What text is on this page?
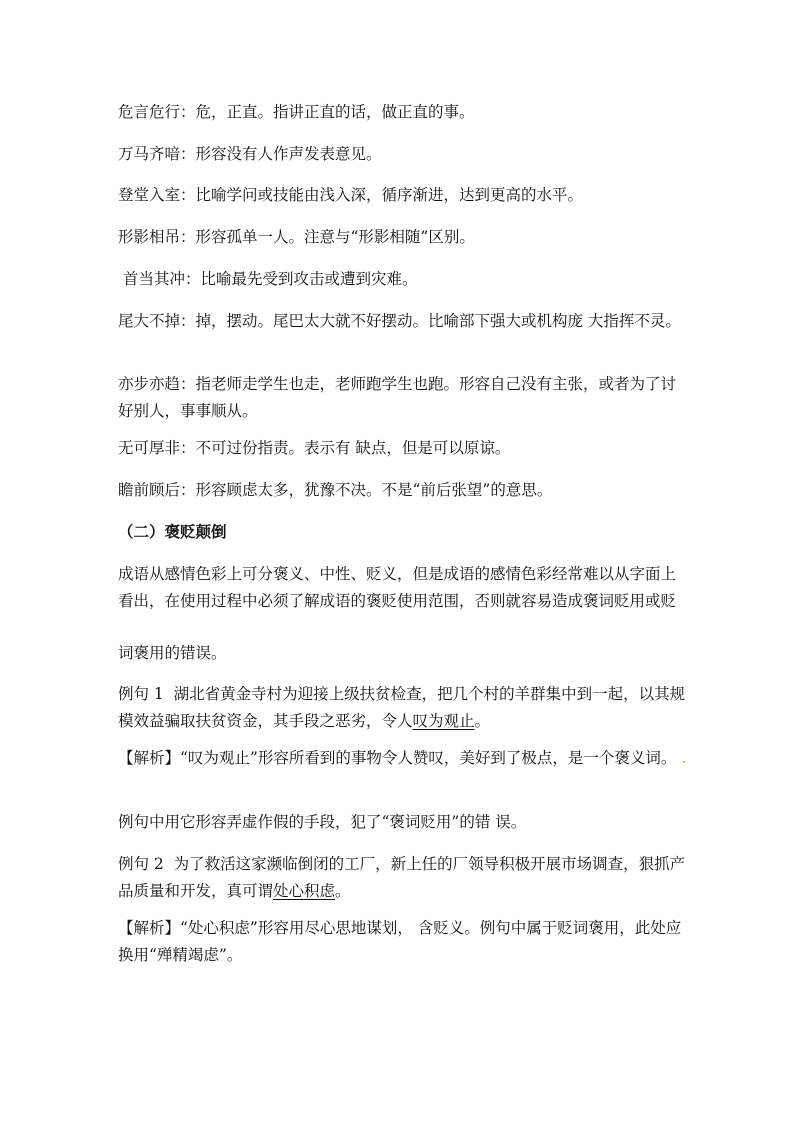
危言危行：危，正直。指讲正直的话，做正直的事。

万马齐喑：形容没有人作声发表意见。

登堂入室：比喻学问或技能由浅入深，循序渐进，达到更高的水平。

形影相吊：形容孤单一人。注意与“形影相随”区别。

首当其冲：比喻最先受到攻击或遭到灾难。

尾大不掉：掉，摆动。尾巴太大就不好摆动。比喻部下强大或机构庞 大指挥不灵。

亦步亦趋：指老师走学生也走，老师跑学生也跑。形容自己没有主张，或者为了讨好别人，事事顺从。

无可厚非：不可过份指责。表示有 缺点，但是可以原谅。

瞻前顾后：形容顾虑太多，犹豫不决。不是“前后张望”的意思。

（二）褒贬颠倒

成语从感情色彩上可分褒义、中性、贬义，但是成语的感情色彩经常难以从字面上 看出，在使用过程中必须了解成语的褒贬使用范围，否则就容易造成褒词贬用或贬

词褒用的错误。

例句 1  湖北省黄金寺村为迎接上级扶贫检查，把几个村的羊群集中到一起，以其规模效益骗取扶贫资金，其手段之恶劣，令人叹为观止。

【解析】“叹为观止”形容所看到的事物令人赞叹，美好到了极点，是一个褒义词。 .

例句中用它形容弄虚作假的手段，犯了“褒词贬用”的错 误。

例句 2  为了救活这家濒临倒闭的工厂，新上任的厂领导积极开展市场调查，狠抓产品质量和开发，真可谓处心积虑。

【解析】“处心积虑”形容用尽心思地谋划， 含贬义。例句中属于贬词褒用，此处应换用“殚精竭虑”。
